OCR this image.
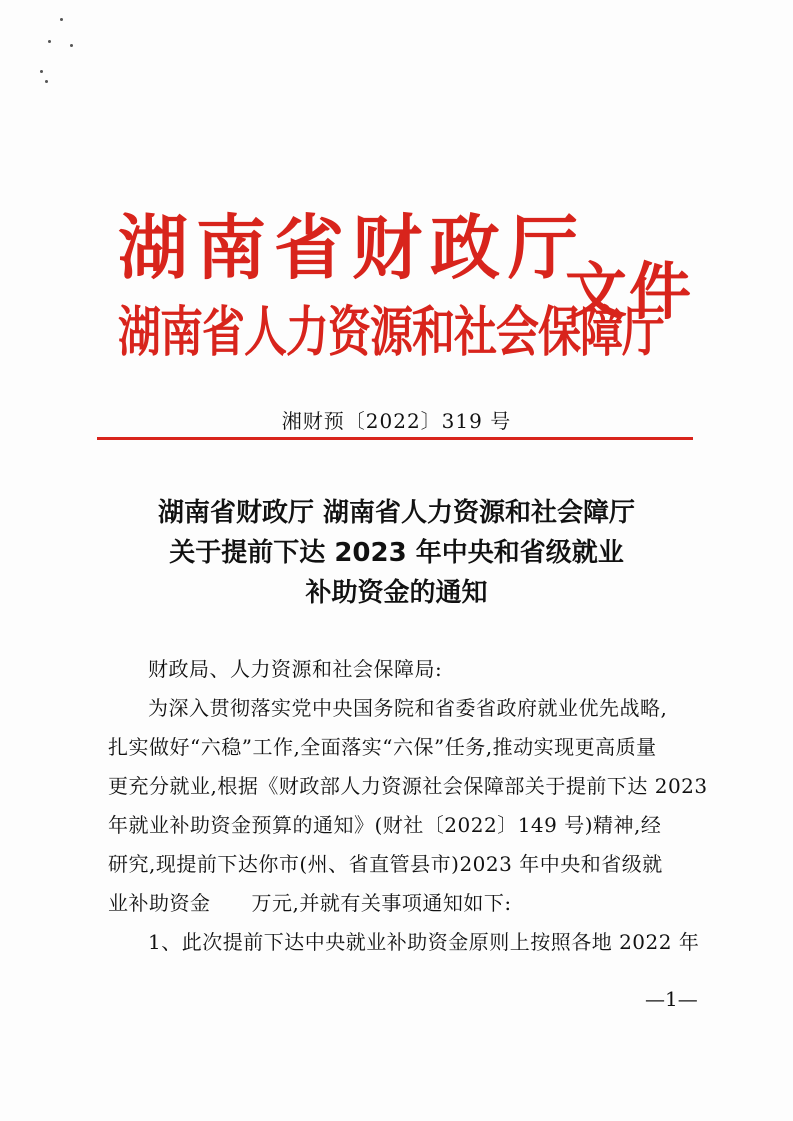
湖南省财政厅
湖南省人力资源和社会保障厅
文件
湘财预〔2022〕319 号
湖南省财政厅 湖南省人力资源和社会障厅
关于提前下达 2023 年中央和省级就业
补助资金的通知

财政局、人力资源和社会保障局:

为深入贯彻落实党中央国务院和省委省政府就业优先战略,

扎实做好“六稳”工作,全面落实“六保”任务,推动实现更高质量

更充分就业,根据《财政部人力资源社会保障部关于提前下达 2023

年就业补助资金预算的通知》(财社〔2022〕149 号)精神,经

研究,现提前下达你市(州、省直管县市)2023 年中央和省级就

业补助资金　　万元,并就有关事项通知如下:

1、此次提前下达中央就业补助资金原则上按照各地 2022 年

—1—
